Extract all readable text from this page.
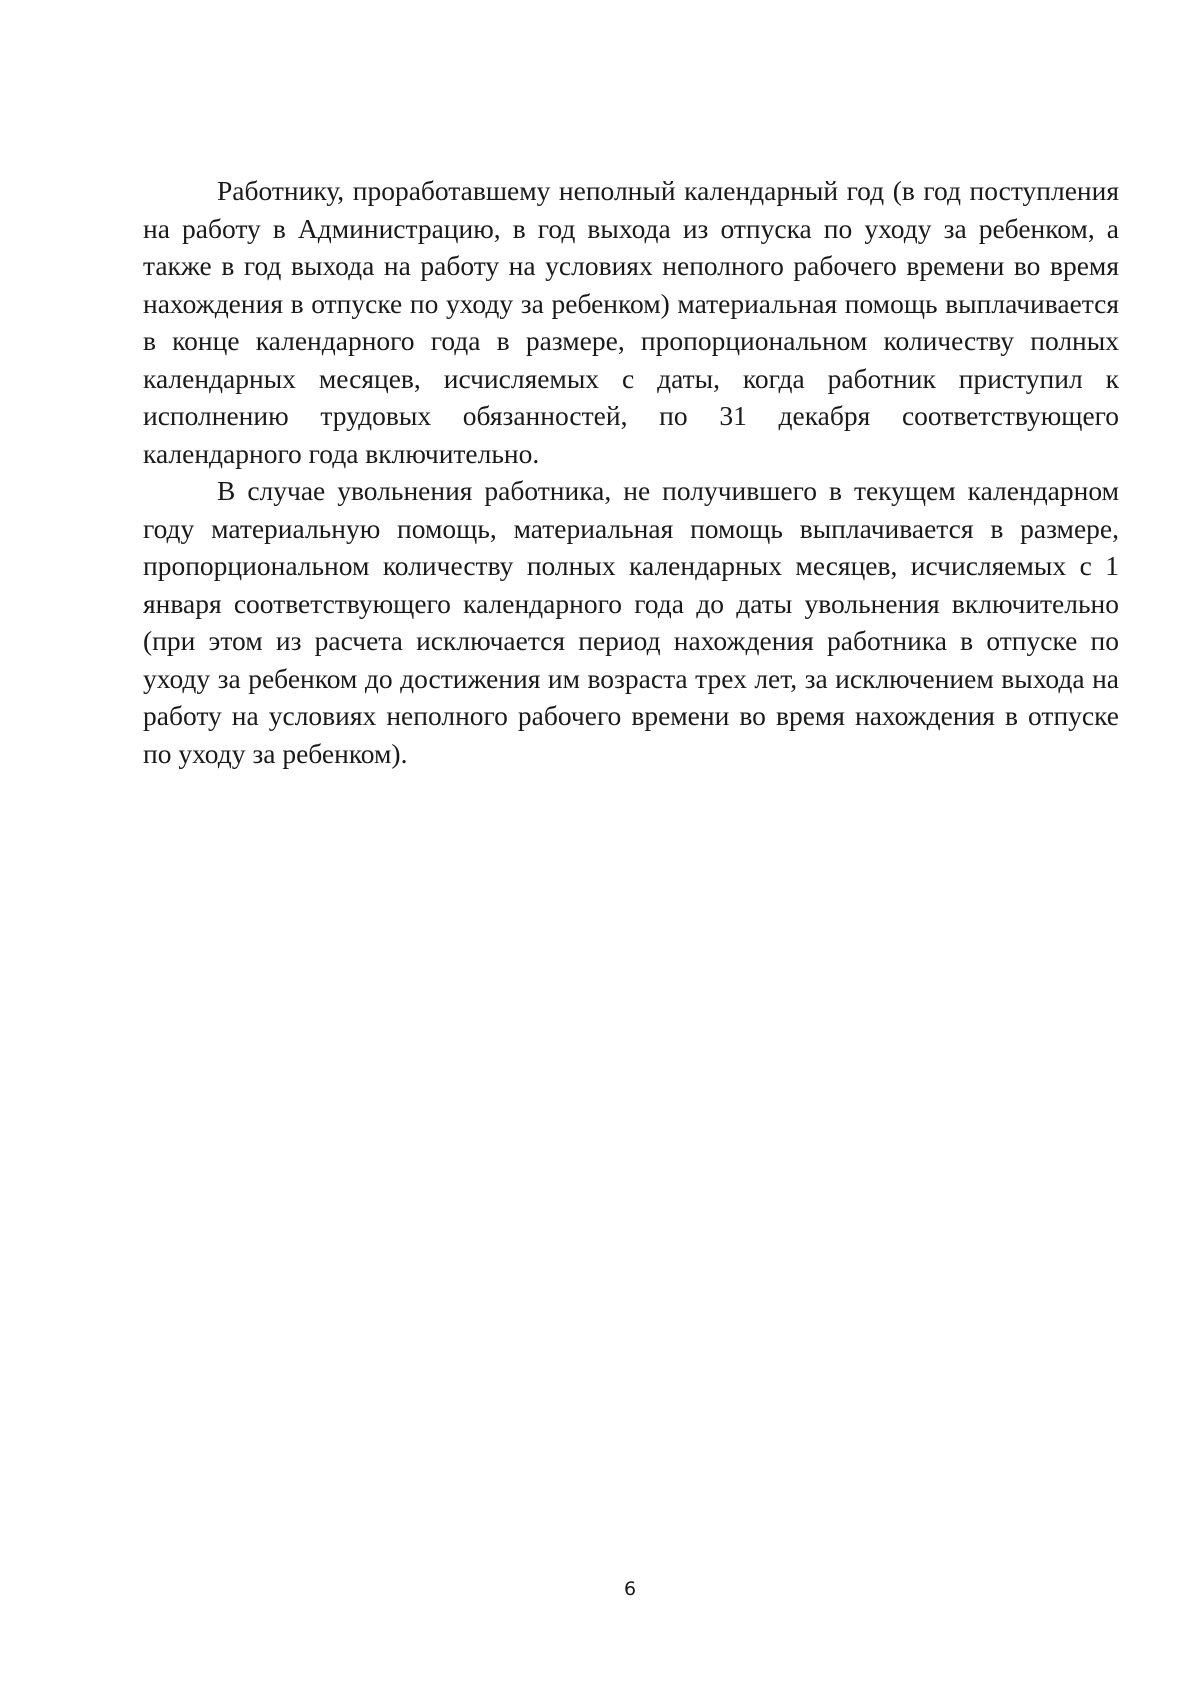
Работнику, проработавшему неполный календарный год (в год поступления на работу в Администрацию, в год выхода из отпуска по уходу за ребенком, а также в год выхода на работу на условиях неполного рабочего времени во время нахождения в отпуске по уходу за ребенком) материальная помощь выплачивается в конце календарного года в размере, пропорциональном количеству полных календарных месяцев, исчисляемых с даты, когда работник приступил к исполнению трудовых обязанностей, по 31 декабря соответствующего календарного года включительно.

В случае увольнения работника, не получившего в текущем календарном году материальную помощь, материальная помощь выплачивается в размере, пропорциональном количеству полных календарных месяцев, исчисляемых с 1 января соответствующего календарного года до даты увольнения включительно (при этом из расчета исключается период нахождения работника в отпуске по уходу за ребенком до достижения им возраста трех лет, за исключением выхода на работу на условиях неполного рабочего времени во время нахождения в отпуске по уходу за ребенком).

6
